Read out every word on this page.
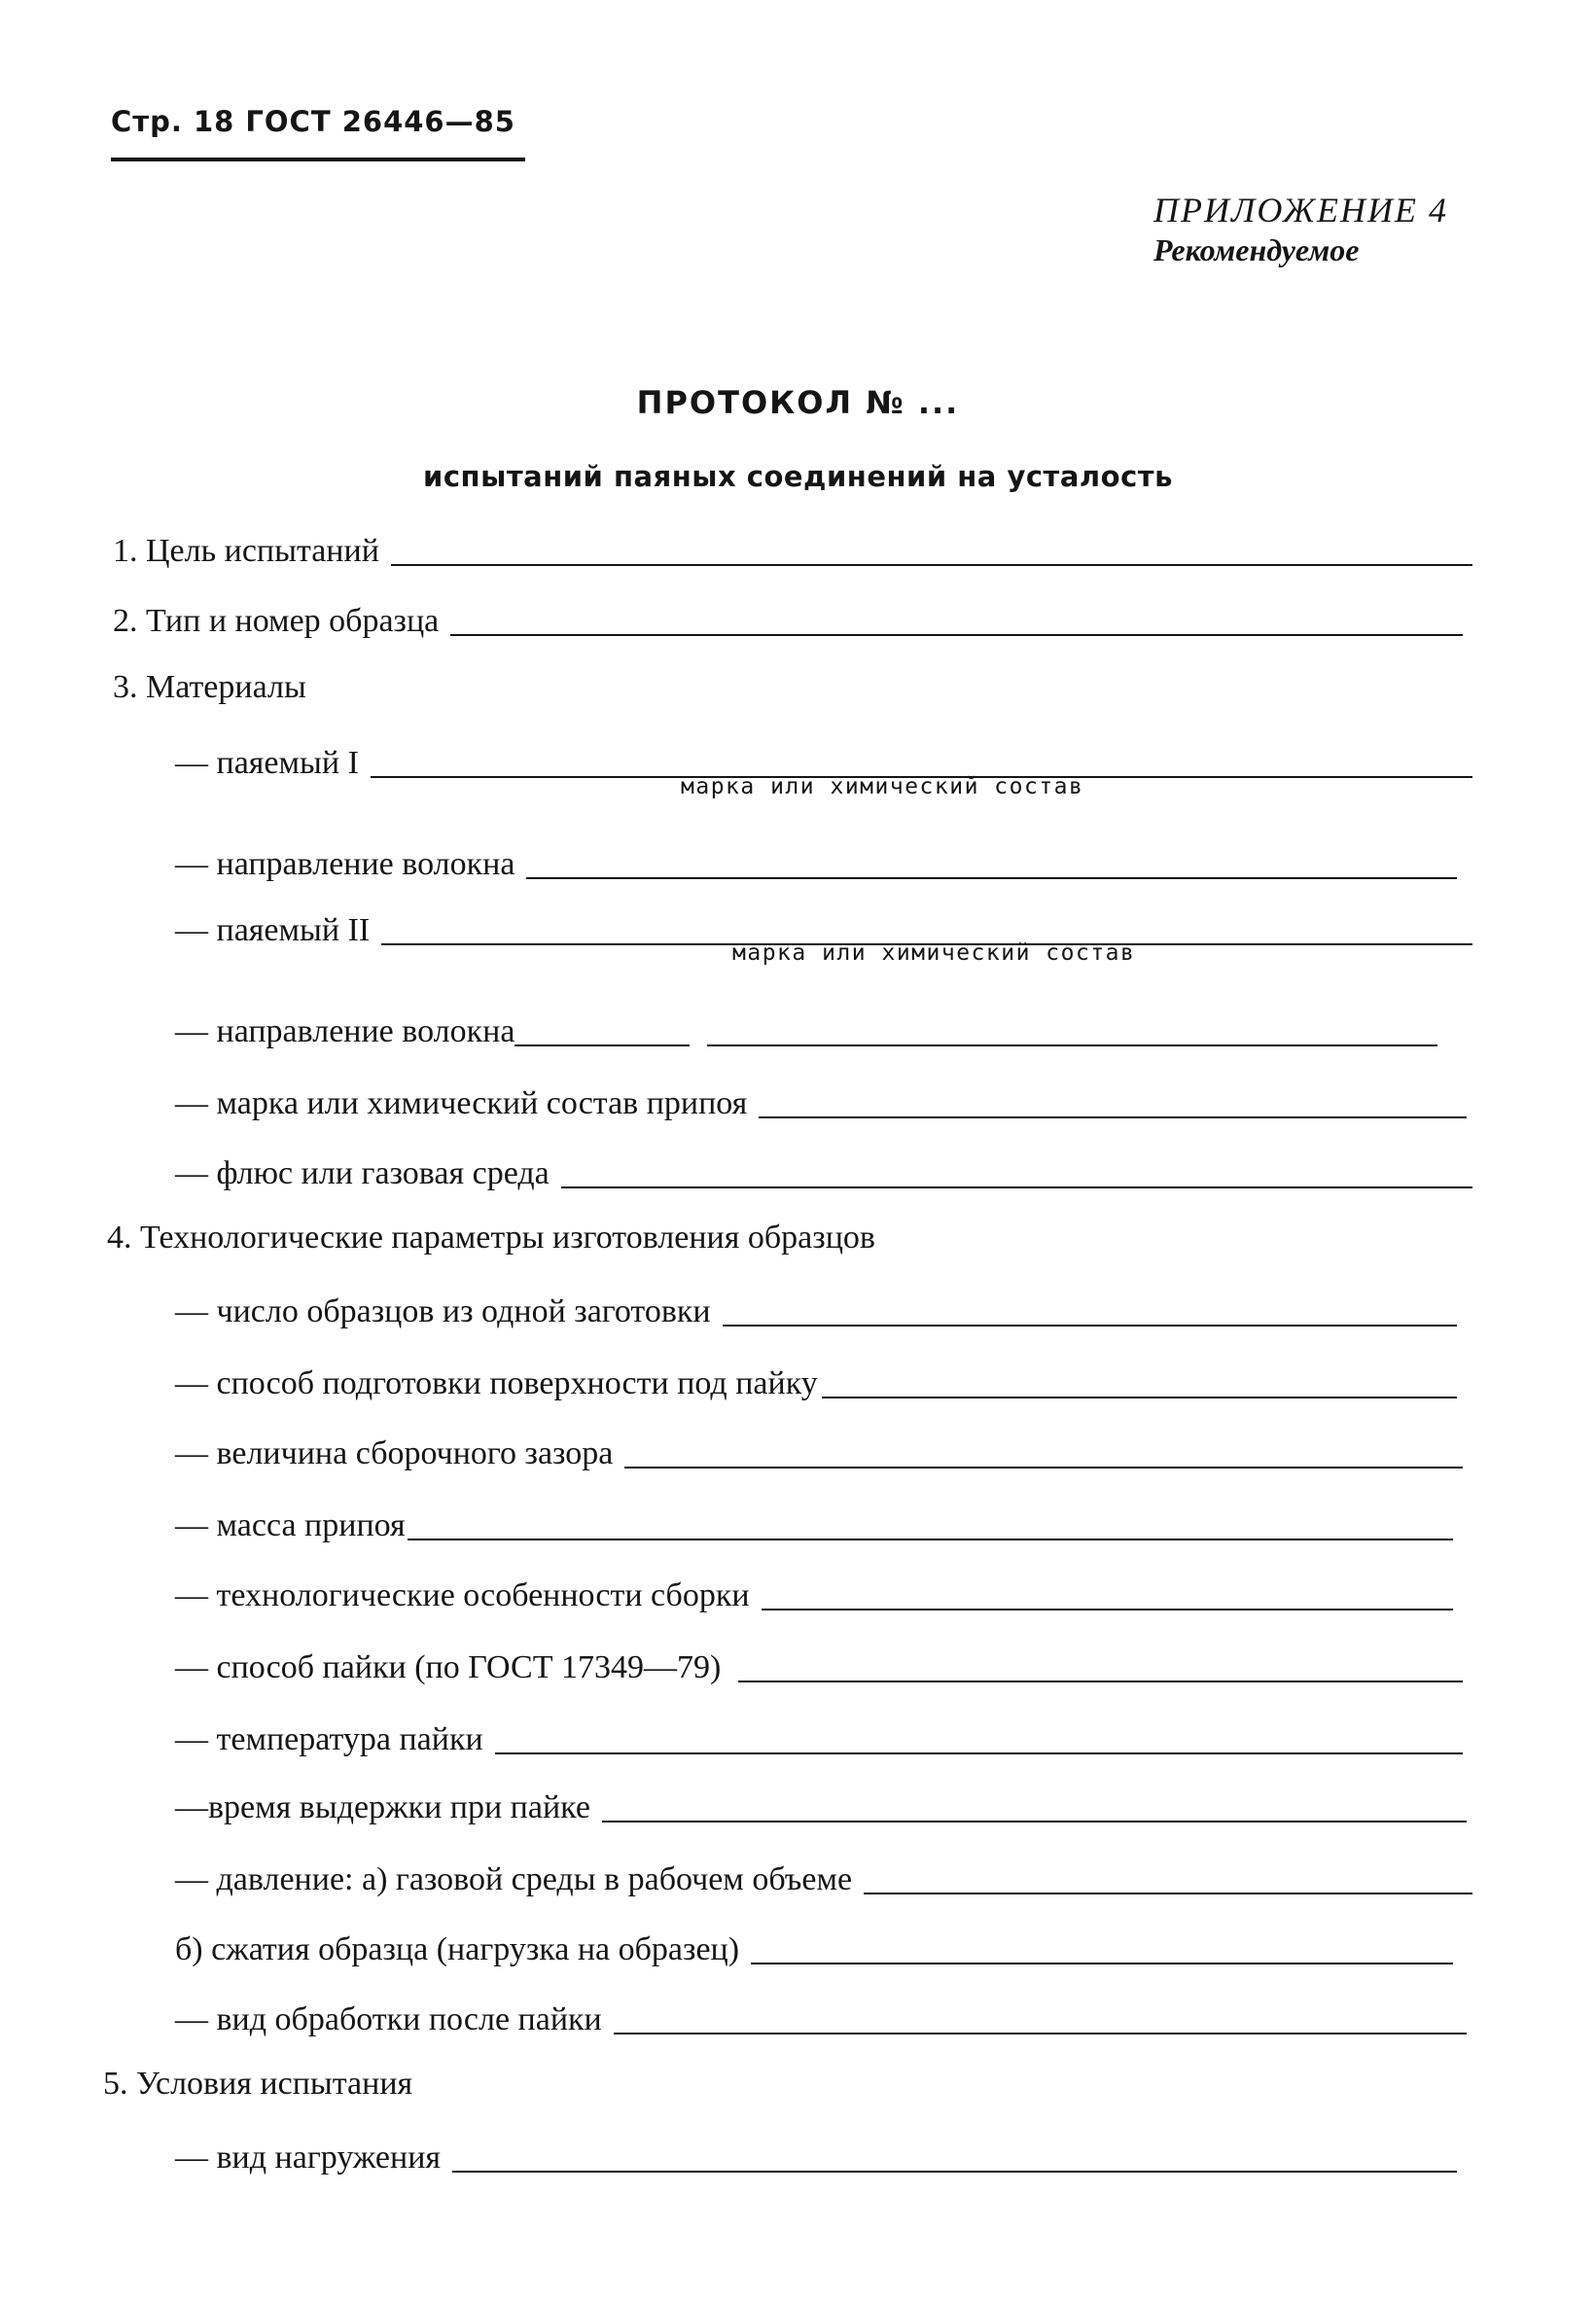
Стр. 18 ГОСТ 26446—85
ПРИЛОЖЕНИЕ 4
Рекомендуемое
ПРОТОКОЛ № ...
испытаний паяных соединений на усталость
1. Цель испытаний
2. Тип и номер образца
3. Материалы
— паяемый I
марка или химический состав
— направление волокна
— паяемый II
марка или химический состав
— направление волокна
— марка или химический состав припоя
— флюс или газовая среда
4. Технологические параметры изготовления образцов
— число образцов из одной заготовки
— способ подготовки поверхности под пайку
— величина сборочного зазора
— масса припоя
— технологические особенности сборки
— способ пайки (по ГОСТ 17349—79)
— температура пайки
—время выдержки при пайке
— давление: а) газовой среды в рабочем объеме
б) сжатия образца (нагрузка на образец)
— вид обработки после пайки
5. Условия испытания
— вид нагружения
